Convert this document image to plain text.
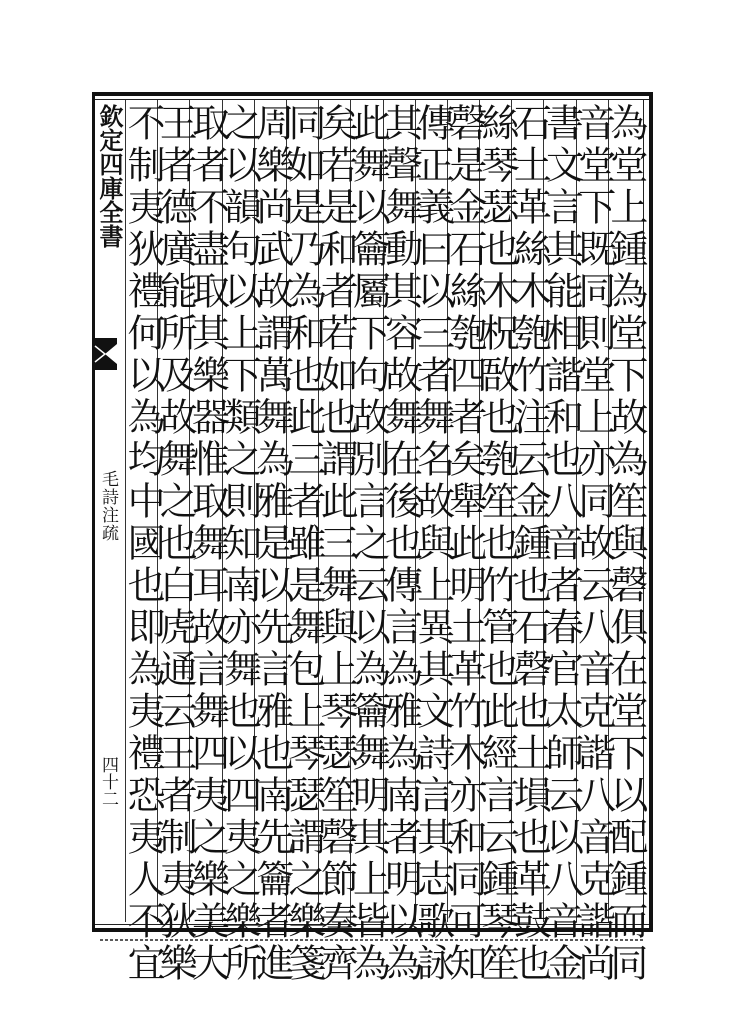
欽定四庫全書
毛詩注疏
四十二	為堂上鍾為堂下故為笙與磬俱在堂下以配鍾而同
音堂下既同則堂上亦同故云八音克諧八音克諧尚
書文言其能相諧和也八音者春官太師云以八音金
石土革絲木匏竹注云金鍾也石磬也土塤也革鼓也
絲琴瑟也木柷敔也匏笙也竹管也此經言云鍾琴笙
磬是金石絲匏四者矣舉此明土革竹木亦和同可知
傳正義曰以三者舞名故與上異其文詩言其志歌詠
其聲舞動其容故舞在後也傳言為雅為南者明以為
此舞以籥屬下句故別言之云以為籥舞明其上皆為
矣若是和者若如也謂此三舞與上琴瑟笙磬節奏齊
同如是乃為和也此三者雖是舞包上琴瑟謂之樂箋
周樂尚武故謂萬舞為雅是以先言雅也南先籥者進
之以韻句以上下類之則知南亦舞也以四夷之樂所
取者不盡取其樂器惟取舞耳故言舞四夷之樂美大
王者德廣能所及故舞之也白虎通云王者制夷狄樂
不制夷狄禮何以為均中國也即為夷禮恐夷人不宜
